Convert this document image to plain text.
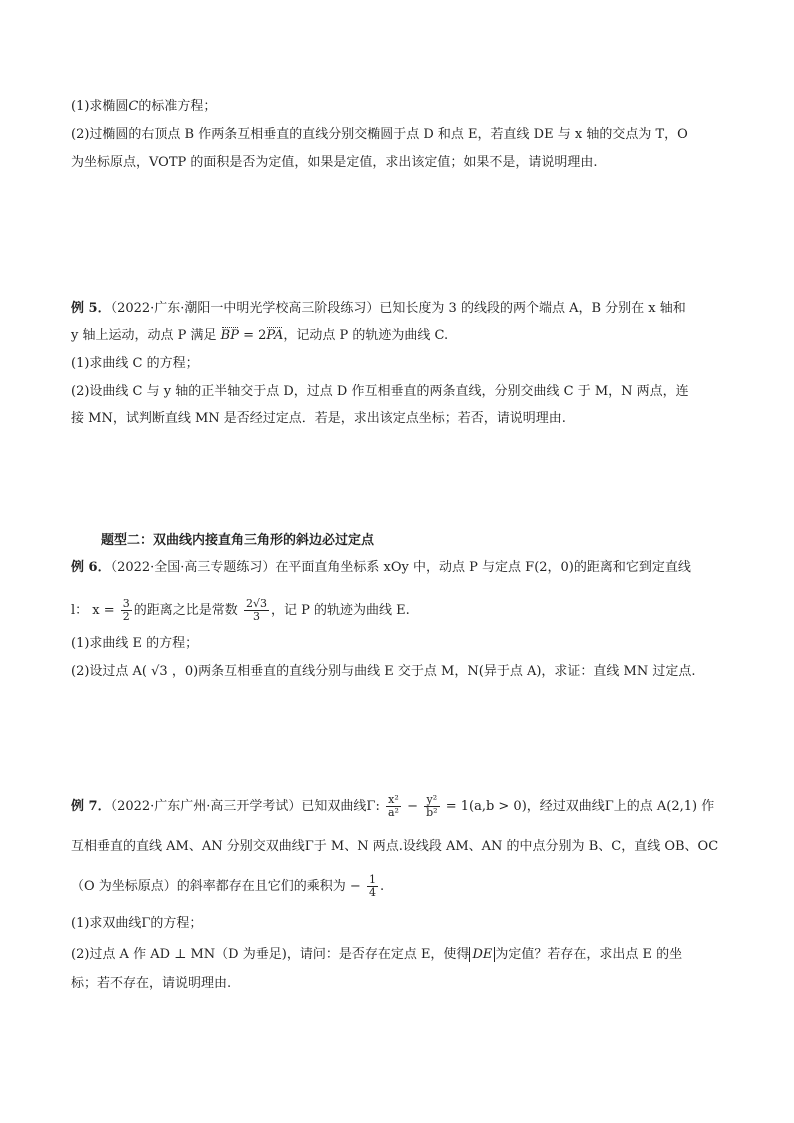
(1)求椭圆C的标准方程；
(2)过椭圆的右顶点 B 作两条互相垂直的直线分别交椭圆于点 D 和点 E，若直线 DE 与 x 轴的交点为 T，O
为坐标原点，VOTP 的面积是否为定值，如果是定值，求出该定值；如果不是，请说明理由.
例 5．（2022·广东·潮阳一中明光学校高三阶段练习）已知长度为 3 的线段的两个端点 A，B 分别在 x 轴和
y 轴上运动，动点 P 满足 BP = 2PA，记动点 P 的轨迹为曲线 C.
(1)求曲线 C 的方程；
(2)设曲线 C 与 y 轴的正半轴交于点 D，过点 D 作互相垂直的两条直线，分别交曲线 C 于 M，N 两点，连
接 MN，试判断直线 MN 是否经过定点．若是，求出该定点坐标；若否，请说明理由.
题型二：双曲线内接直角三角形的斜边必过定点
例 6．（2022·全国·高三专题练习）在平面直角坐标系 xOy 中，动点 P 与定点 F(2，0)的距离和它到定直线
l： $x = \frac{3}{2}$ 的距离之比是常数 $\frac{2√3}{3}$ ，记 P 的轨迹为曲线 E.
(1)求曲线 E 的方程；
(2)设过点 A( √3 ，0)两条互相垂直的直线分别与曲线 E 交于点 M，N(异于点 A)，求证：直线 MN 过定点.
例 7．（2022·广东广州·高三开学考试）已知双曲线Γ: $\frac{\text{x²}}{\text{a²}} - \frac{\text{y²}}{\text{b²}} = 1(a,b > 0)$，经过双曲线Γ上的点 A(2,1) 作
互相垂直的直线 AM、AN 分别交双曲线Γ于 M、N 两点.设线段 AM、AN 的中点分别为 B、C，直线 OB、OC
（O 为坐标原点）的斜率都存在且它们的乘积为 − $\frac{1}{4}$ .
(1)求双曲线Γ的方程；
(2)过点 A 作 AD ⊥ MN（D 为垂足)，请问：是否存在定点 E，使得 DE 为定值？若存在，求出点 E 的坐
标；若不存在，请说明理由.
